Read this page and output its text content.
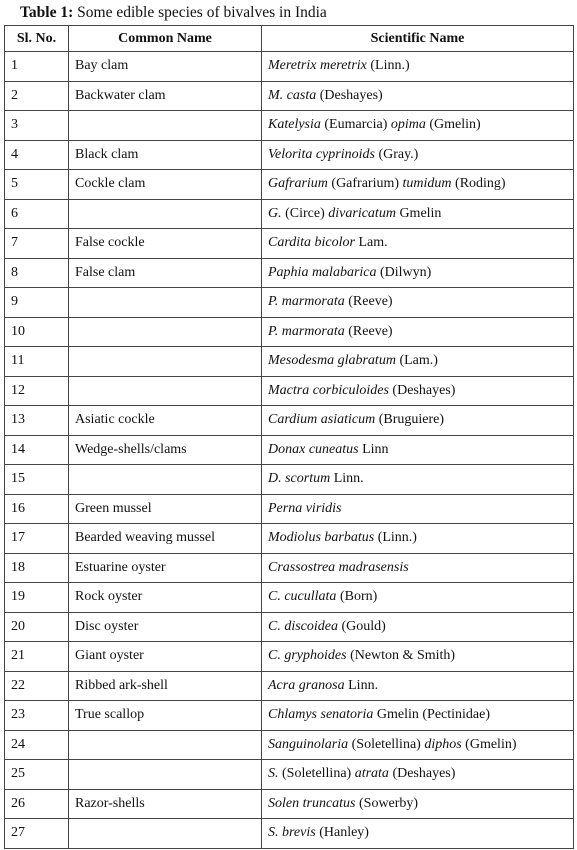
Table 1: Some edible species of bivalves in India
Sl. No.	Common Name	Scientific Name
1	Bay clam	Meretrix meretrix (Linn.)
2	Backwater clam	M. casta (Deshayes)
3		Katelysia (Eumarcia) opima (Gmelin)
4	Black clam	Velorita cyprinoids (Gray.)
5	Cockle clam	Gafrarium (Gafrarium) tumidum (Roding)
6		G. (Circe) divaricatum Gmelin
7	False cockle	Cardita bicolor Lam.
8	False clam	Paphia malabarica (Dilwyn)
9		P. marmorata (Reeve)
10		P. marmorata (Reeve)
11		Mesodesma glabratum (Lam.)
12		Mactra corbiculoides (Deshayes)
13	Asiatic cockle	Cardium asiaticum (Bruguiere)
14	Wedge-shells/clams	Donax cuneatus Linn
15		D. scortum Linn.
16	Green mussel	Perna viridis
17	Bearded weaving mussel	Modiolus barbatus (Linn.)
18	Estuarine oyster	Crassostrea madrasensis
19	Rock oyster	C. cucullata (Born)
20	Disc oyster	C. discoidea (Gould)
21	Giant oyster	C. gryphoides (Newton & Smith)
22	Ribbed ark-shell	Acra granosa Linn.
23	True scallop	Chlamys senatoria Gmelin (Pectinidae)
24		Sanguinolaria (Soletellina) diphos (Gmelin)
25		S. (Soletellina) atrata (Deshayes)
26	Razor-shells	Solen truncatus (Sowerby)
27		S. brevis (Hanley)
